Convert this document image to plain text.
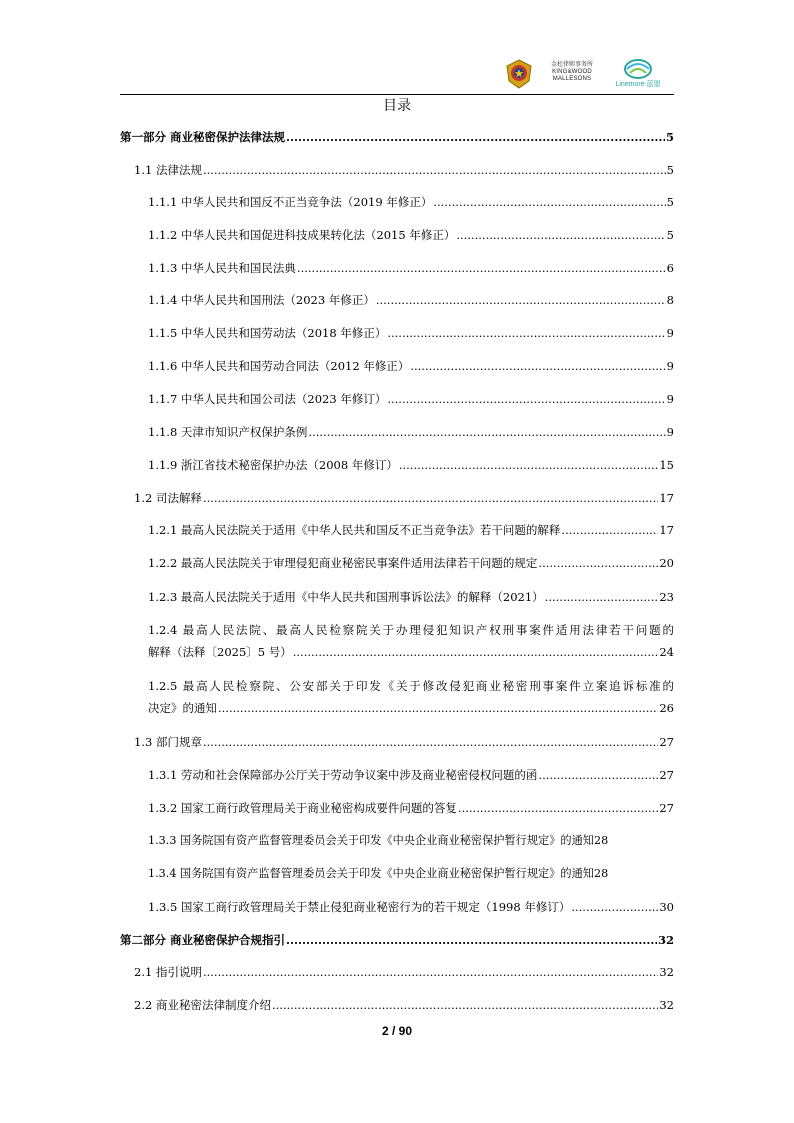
金杜律师事务所
KING&WOOD
MALLESONS
Linemore 蓝盟
目录
第一部分 商业秘密保护法律法规 .....	5
1.1 法律法规 .....	5
1.1.1 中华人民共和国反不正当竞争法（2019 年修正） .....	5
1.1.2 中华人民共和国促进科技成果转化法（2015 年修正） .....	5
1.1.3 中华人民共和国民法典 .....	6
1.1.4 中华人民共和国刑法（2023 年修正） .....	8
1.1.5 中华人民共和国劳动法（2018 年修正） .....	9
1.1.6 中华人民共和国劳动合同法（2012 年修正） .....	9
1.1.7 中华人民共和国公司法（2023 年修订） .....	9
1.1.8 天津市知识产权保护条例 .....	9
1.1.9 浙江省技术秘密保护办法（2008 年修订） .....	15
1.2 司法解释 .....	17
1.2.1 最高人民法院关于适用《中华人民共和国反不正当竞争法》若干问题的解释 .....	17
1.2.2 最高人民法院关于审理侵犯商业秘密民事案件适用法律若干问题的规定 .....	20
1.2.3 最高人民法院关于适用《中华人民共和国刑事诉讼法》的解释（2021） .....	23
1.2.4 最高人民法院、最高人民检察院关于办理侵犯知识产权刑事案件适用法律若干问题的
解释（法释〔2025〕5 号） .....	24
1.2.5 最高人民检察院、公安部关于印发《关于修改侵犯商业秘密刑事案件立案追诉标准的
决定》的通知 .....	26
1.3 部门规章 .....	27
1.3.1 劳动和社会保障部办公厅关于劳动争议案中涉及商业秘密侵权问题的函 .....	27
1.3.2 国家工商行政管理局关于商业秘密构成要件问题的答复 .....	27
1.3.3 国务院国有资产监督管理委员会关于印发《中央企业商业秘密保护暂行规定》的通知 28
1.3.4 国务院国有资产监督管理委员会关于印发《中央企业商业秘密保护暂行规定》的通知 28
1.3.5 国家工商行政管理局关于禁止侵犯商业秘密行为的若干规定（1998 年修订） .....	30
第二部分 商业秘密保护合规指引 .....	32
2.1 指引说明 .....	32
2.2 商业秘密法律制度介绍 .....	32
2 / 90
